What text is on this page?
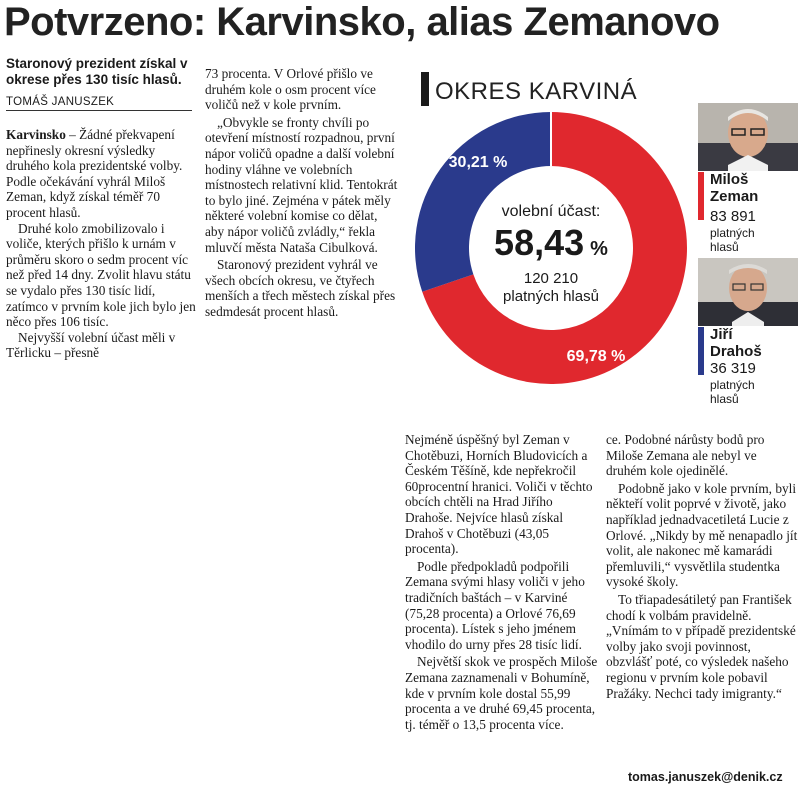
Potvrzeno: Karvinsko, alias Zemanovo
Staronový prezident získal v okrese přes 130 tisíc hlasů.
TOMÁŠ JANUSZEK

Karvinsko – Žádné překvapení nepřinesly okresní výsledky druhého kola prezidentské volby. Podle očekávání vyhrál Miloš Zeman, když získal téměř 70 procent hlasů.

Druhé kolo zmobilizovalo i voliče, kterých přišlo k urnám v průměru skoro o sedm procent víc než před 14 dny. Zvolit hlavu státu se vydalo přes 130 tisíc lidí, zatímco v prvním kole jich bylo jen něco přes 106 tisíc.

Nejvyšší volební účast měli v Těrlicku – přesně

73 procenta. V Orlové přišlo ve druhém kole o osm procent více voličů než v kole prvním.

„Obvykle se fronty chvíli po otevření místností rozpadnou, první nápor voličů opadne a další volební hodiny vláhne ve volebních místnostech relativní klid. Tentokrát to bylo jiné. Zejména v pátek měly některé volební komise co dělat, aby nápor voličů zvládly,“ řekla mluvčí města Nataša Cibulková.

Staronový prezident vyhrál ve všech obcích okresu, ve čtyřech menších a třech městech získal přes sedmdesát procent hlasů.

OKRES KARVINÁ
69,78 %
30,21 %
volební účast:
58,43 %
120 210
platných hlasů
Miloš
Zeman
83 891
platných
hlasů
Jiří
Drahoš
36 319
platných
hlasů

Nejméně úspěšný byl Zeman v Chotěbuzi, Horních Bludovicích a Českém Těšíně, kde nepřekročil 60procentní hranici. Voliči v těchto obcích chtěli na Hrad Jiřího Drahoše. Nejvíce hlasů získal Drahoš v Chotěbuzi (43,05 procenta).

Podle předpokladů podpořili Zemana svými hlasy voliči v jeho tradičních baštách – v Karviné (75,28 procenta) a Orlové 76,69 procenta). Lístek s jeho jménem vhodilo do urny přes 28 tisíc lidí.

Největší skok ve prospěch Miloše Zemana zaznamenali v Bohumíně, kde v prvním kole dostal 55,99 procenta a ve druhé 69,45 procenta, tj. téměř o 13,5 procenta více.

ce. Podobné nárůsty bodů pro Miloše Zemana ale nebyl ve druhém kole ojedinělé.

Podobně jako v kole prvním, byli někteří volit poprvé v životě, jako například jednadvacetiletá Lucie z Orlové. „Nikdy by mě nenapadlo jít volit, ale nakonec mě kamarádi přemluvili,“ vysvětlila studentka vysoké školy.

To třiapadesátiletý pan František chodí k volbám pravidelně. „Vnímám to v případě prezidentské volby jako svoji povinnost, obzvlášť poté, co výsledek našeho regionu v prvním kole pobavil Pražáky. Nechci tady imigranty.“

tomas.januszek@denik.cz
